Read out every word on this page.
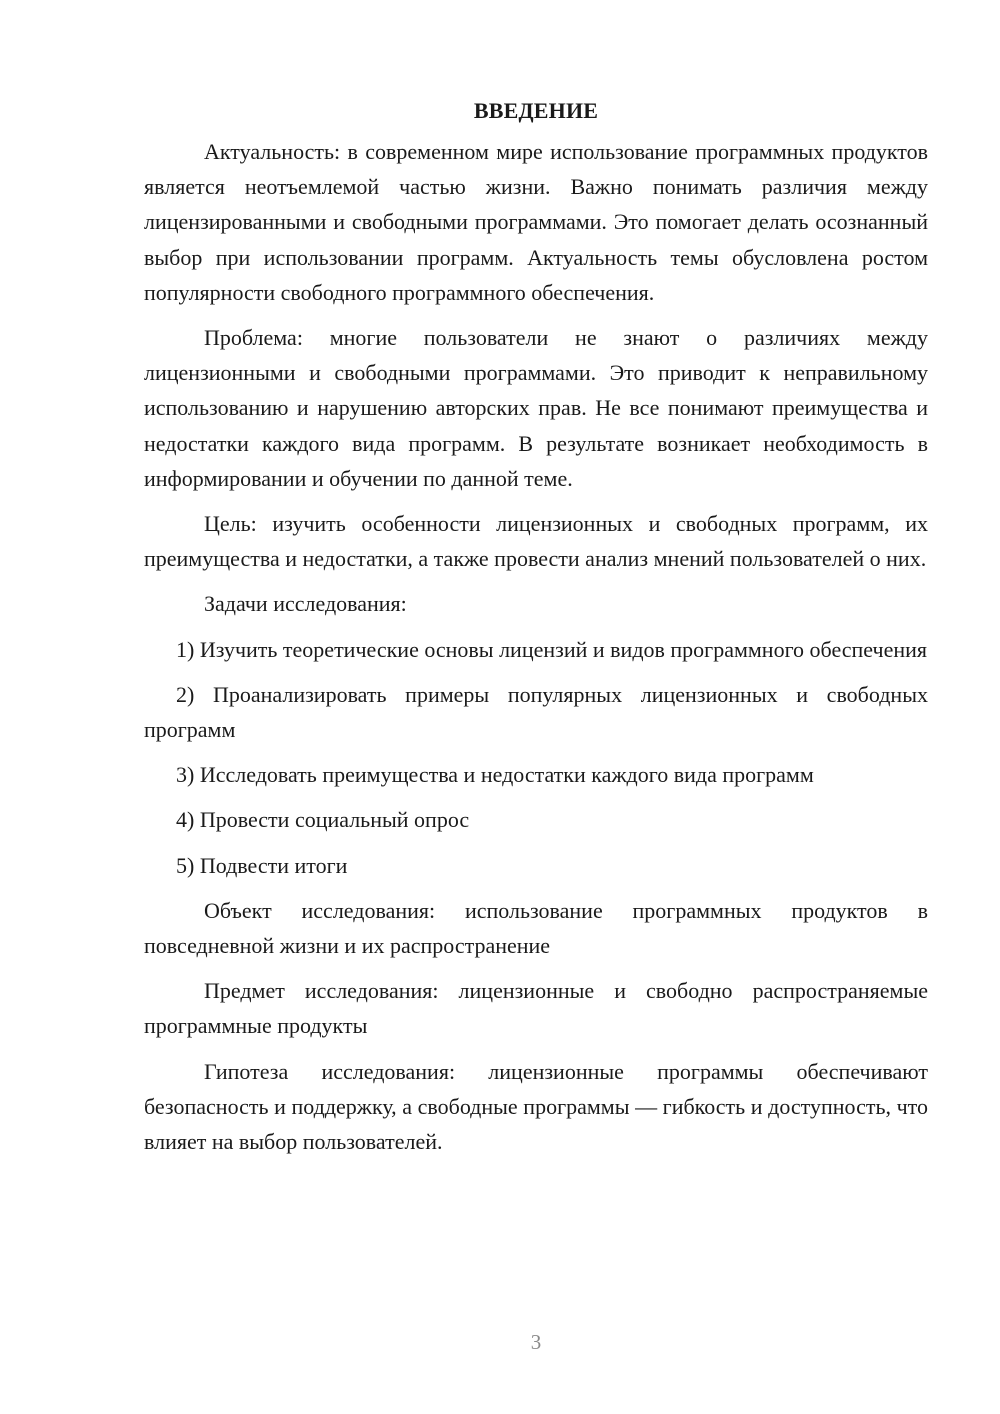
ВВЕДЕНИЕ

Актуальность: в современном мире использование программных продуктов является неотъемлемой частью жизни. Важно понимать различия между лицензированными и свободными программами. Это помогает делать осознанный выбор при использовании программ. Актуальность темы обусловлена ростом популярности свободного программного обеспечения.

Проблема: многие пользователи не знают о различиях между лицензионными и свободными программами. Это приводит к неправильному использованию и нарушению авторских прав. Не все понимают преимущества и недостатки каждого вида программ. В результате возникает необходимость в информировании и обучении по данной теме.

Цель: изучить особенности лицензионных и свободных программ, их преимущества и недостатки, а также провести анализ мнений пользователей о них.

Задачи исследования:

1) Изучить теоретические основы лицензий и видов программного обеспечения

2) Проанализировать примеры популярных лицензионных и свободных программ

3) Исследовать преимущества и недостатки каждого вида программ

4) Провести социальный опрос

5) Подвести итоги

Объект исследования: использование программных продуктов в повседневной жизни и их распространение

Предмет исследования: лицензионные и свободно распространяемые программные продукты

Гипотеза исследования: лицензионные программы обеспечивают безопасность и поддержку, а свободные программы — гибкость и доступность, что влияет на выбор пользователей.

3
